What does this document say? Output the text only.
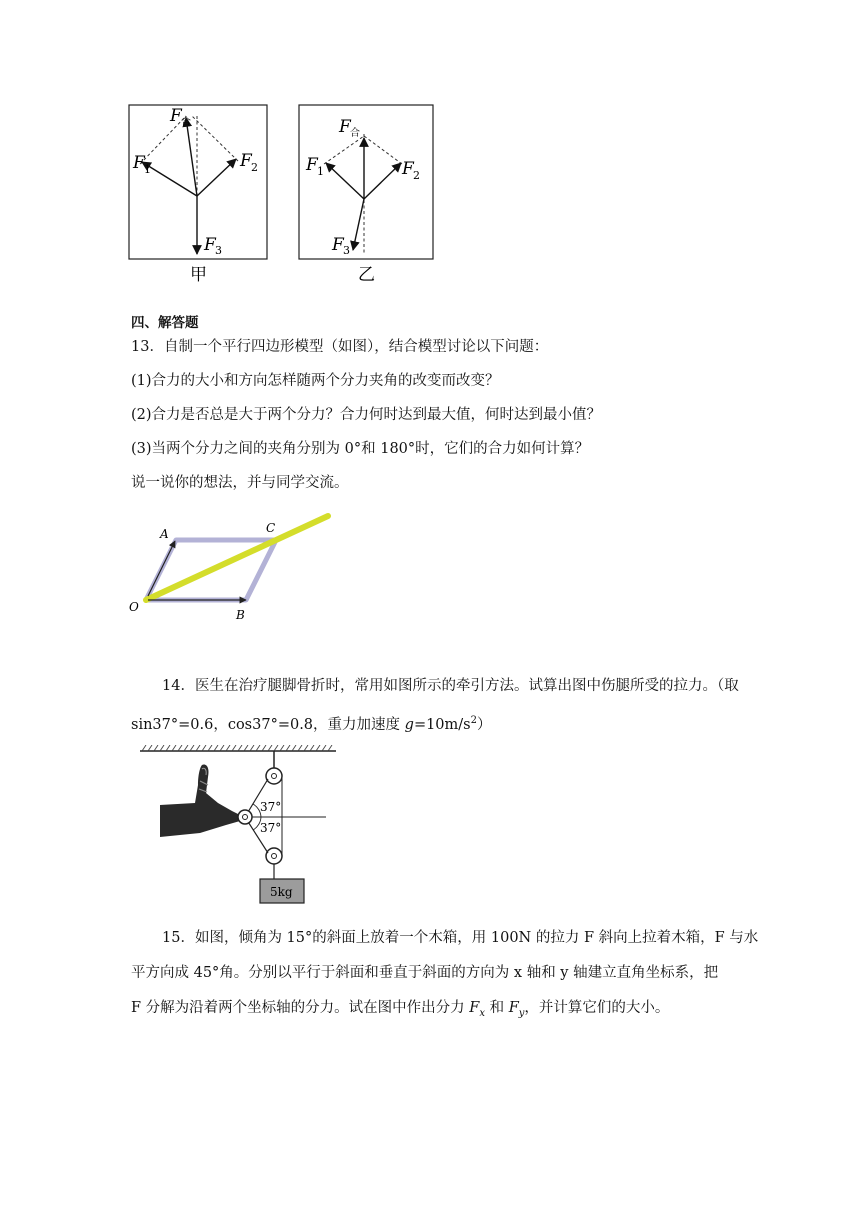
F 合
F 1	F 2
F 3
甲
F 合
F 1	F 2
F 3
乙
四、解答题
13．自制一个平行四边形模型（如图），结合模型讨论以下问题：
(1)合力的大小和方向怎样随两个分力夹角的改变而改变？
(2)合力是否总是大于两个分力？合力何时达到最大值，何时达到最小值？
(3)当两个分力之间的夹角分别为 0°和 180°时，它们的合力如何计算？
说一说你的想法，并与同学交流。
A	C
O
B
14．医生在治疗腿脚骨折时，常用如图所示的牵引方法。试算出图中伤腿所受的拉力。（取
sin37°=0.6，cos37°=0.8，重力加速度 $g=10m/s^2$）
37°
37°
5kg
15．如图，倾角为 15°的斜面上放着一个木箱，用 100N 的拉力 F 斜向上拉着木箱，F 与水
平方向成 45°角。分别以平行于斜面和垂直于斜面的方向为 x 轴和 y 轴建立直角坐标系，把
F 分解为沿着两个坐标轴的分力。试在图中作出分力 $F_x$ 和 $F_y$，并计算它们的大小。
